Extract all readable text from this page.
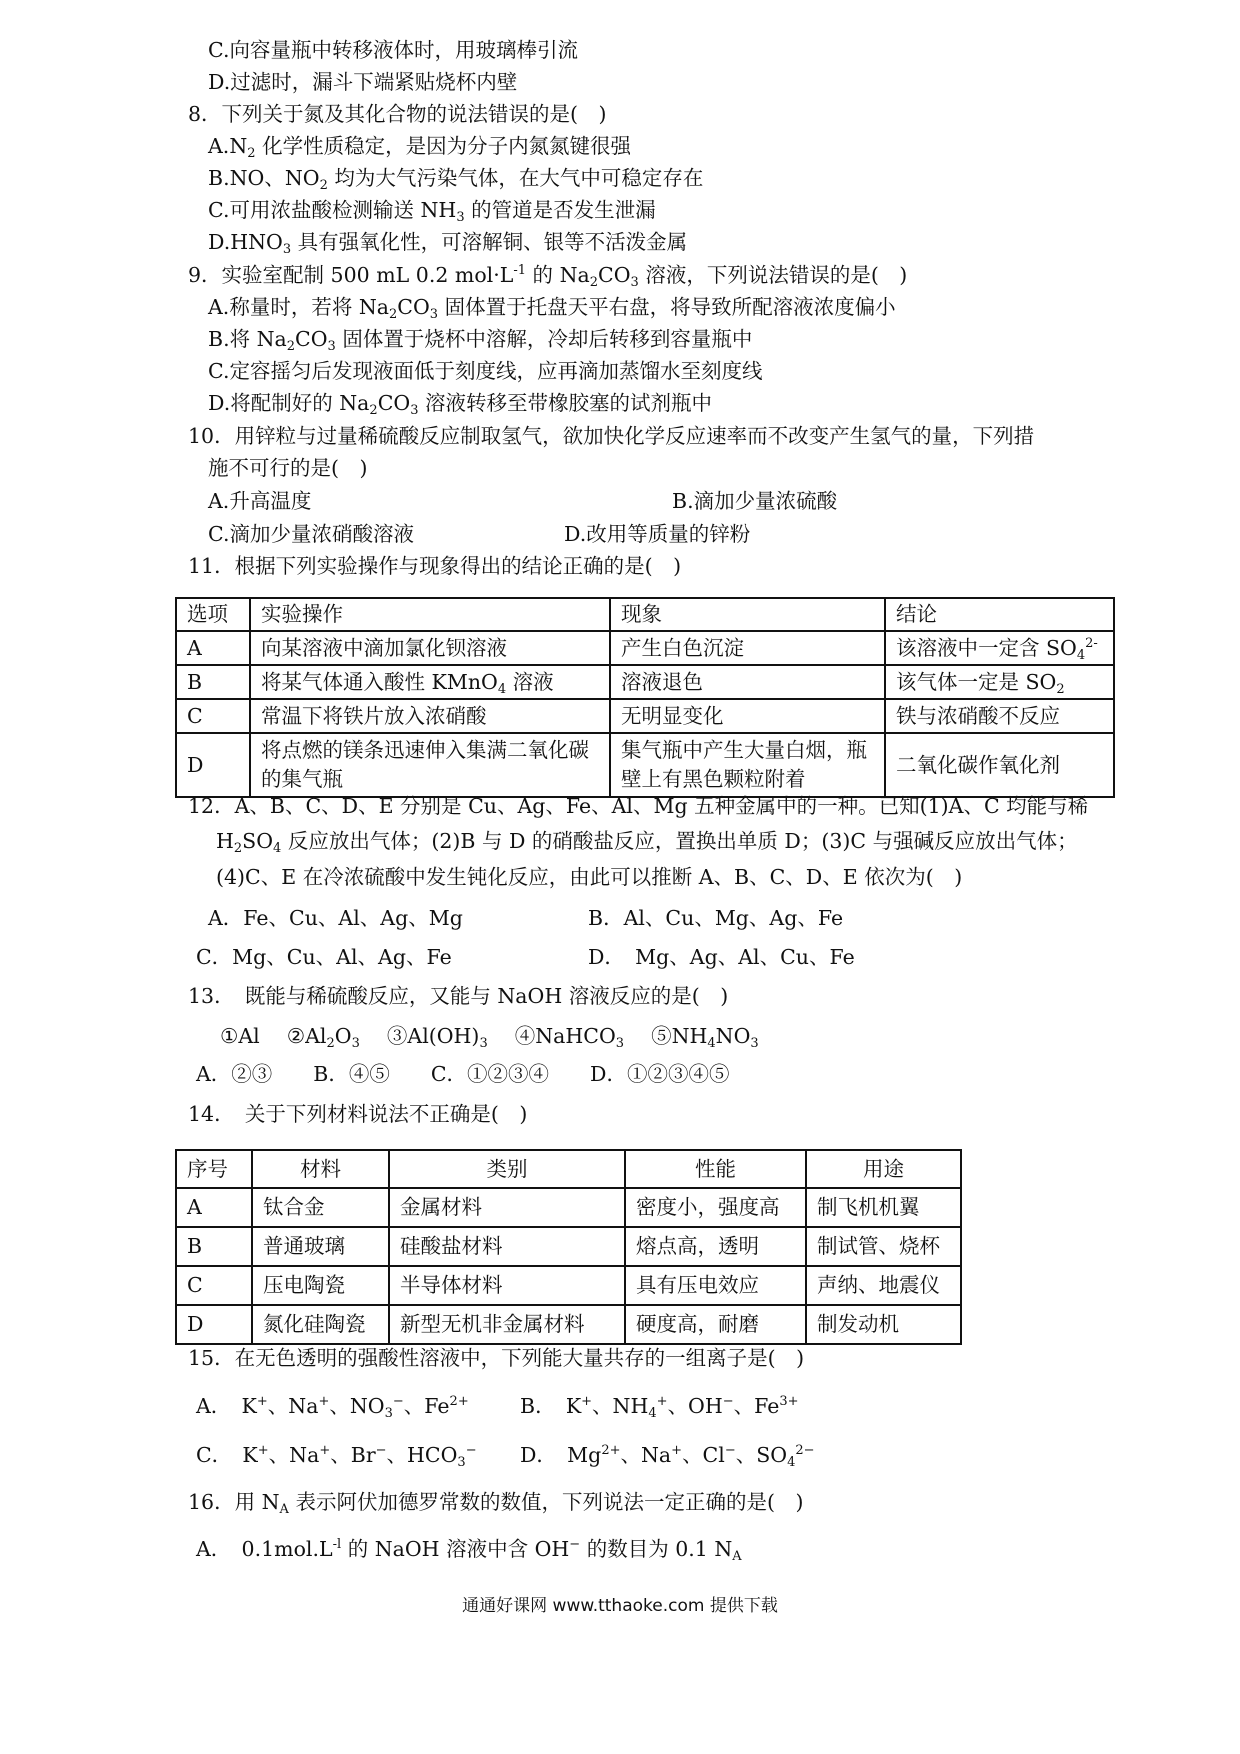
C.向容量瓶中转移液体时，用玻璃棒引流
D.过滤时，漏斗下端紧贴烧杯内壁
8．下列关于氮及其化合物的说法错误的是(　)
$A.N_2$ 化学性质稳定，是因为分子内氮氮键很强
B.NO、$NO_2$ 均为大气污染气体，在大气中可稳定存在
C.可用浓盐酸检测输送 $NH_3$ 的管道是否发生泄漏
$D.HNO_3$ 具有强氧化性，可溶解铜、银等不活泼金属
9．实验室配制 500 mL 0.2 $mol\cdot L^{-1}$ 的 $Na_2CO_3$ 溶液，下列说法错误的是(　)
A.称量时，若将 $Na_2CO_3$ 固体置于托盘天平右盘，将导致所配溶液浓度偏小
B.将 $Na_2CO_3$ 固体置于烧杯中溶解，冷却后转移到容量瓶中
C.定容摇匀后发现液面低于刻度线，应再滴加蒸馏水至刻度线
D.将配制好的 $Na_2CO_3$ 溶液转移至带橡胶塞的试剂瓶中
10．用锌粒与过量稀硫酸反应制取氢气，欲加快化学反应速率而不改变产生氢气的量，下列措
施不可行的是(　)
A.升高温度	B.滴加少量浓硫酸
C.滴加少量浓硝酸溶液	D.改用等质量的锌粉
11．根据下列实验操作与现象得出的结论正确的是(　)
12．A、B、C、D、E 分别是 Cu、Ag、Fe、Al、Mg 五种金属中的一种。已知(1)A、C 均能与稀
$H_2SO_4$ 反应放出气体；(2)B 与 D 的硝酸盐反应，置换出单质 D；(3)C 与强碱反应放出气体；
(4)C、E 在冷浓硫酸中发生钝化反应，由此可以推断 A、B、C、D、E 依次为(　)
A．Fe、Cu、Al、Ag、Mg	B．Al、Cu、Mg、Ag、Fe
C．Mg、Cu、Al、Ag、Fe	D．　Mg、Ag、Al、Cu、Fe
13．　既能与稀硫酸反应，又能与 NaOH 溶液反应的是(　)
①Al　 $②Al_2O_3$　 $③Al(OH)_3$　 ④NaHCO$_3$　 $⑤NH_4NO_3$
A．②③　　B．④⑤　　C．①②③④　　D．①②③④⑤
14．　关于下列材料说法不正确是(　)
15．在无色透明的强酸性溶液中，下列能大量共存的一组离子是(　)
A．　K+、Na+、$NO_3^-$、$Fe^{2+}$	B．　K+、$NH_4^+$、OH−、$Fe^{3+}$
C．　K+、Na+、Br−、$HCO_3^-$ D．　$Mg^{2+}$、Na+、Cl−、$SO_4^{2-}$
16．用 $N_A$ 表示阿伏加德罗常数的数值，下列说法一定正确的是(　)
A．　$0.1mol.L^{-l}$ 的 NaOH 溶液中含 OH− 的数目为 0.1 $N_A$
选项	实验操作	现象	结论
A	向某溶液中滴加氯化钡溶液	产生白色沉淀	该溶液中一定含 $SO_4^{2-}$
B	将某气体通入酸性 KMnO$_4$ 溶液	溶液退色	该气体一定是 $SO_2$
C	常温下将铁片放入浓硝酸	无明显变化	铁与浓硝酸不反应
D	将点燃的镁条迅速伸入集满二氧化碳的集气瓶	集气瓶中产生大量白烟，瓶壁上有黑色颗粒附着	二氧化碳作氧化剂
序号	材料	类别	性能	用途
A	钛合金	金属材料	密度小，强度高	制飞机机翼
B	普通玻璃	硅酸盐材料	熔点高，透明	制试管、烧杯
C	压电陶瓷	半导体材料	具有压电效应	声纳、地震仪
D	氮化硅陶瓷	新型无机非金属材料	硬度高，耐磨	制发动机
通通好课网 www.tthaoke.com 提供下载
